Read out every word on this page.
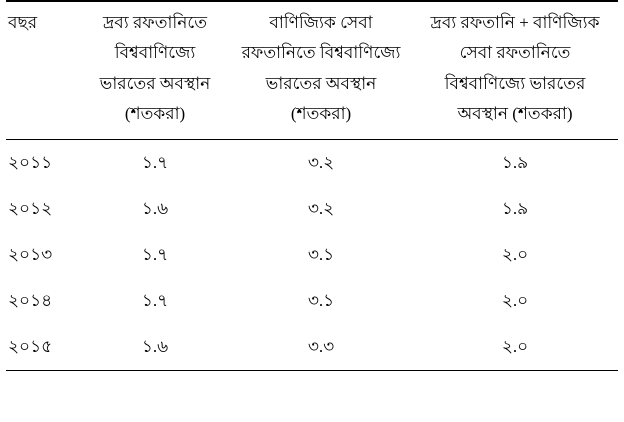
বছর	দ্রব্য রফতানিতে বিশ্ববাণিজ্যে ভারতের অবস্থান (শতকরা)	বাণিজ্যিক সেবা রফতানিতে বিশ্ববাণিজ্যে ভারতের অবস্থান (শতকরা)	দ্রব্য রফতানি + বাণিজ্যিক সেবা রফতানিতে বিশ্ববাণিজ্যে ভারতের অবস্থান (শতকরা)

২০১১	১.৭	৩.২	১.৯
২০১২	১.৬	৩.২	১.৯
২০১৩	১.৭	৩.১	২.০
২০১৪	১.৭	৩.১	২.০
২০১৫	১.৬	৩.৩	২.০
